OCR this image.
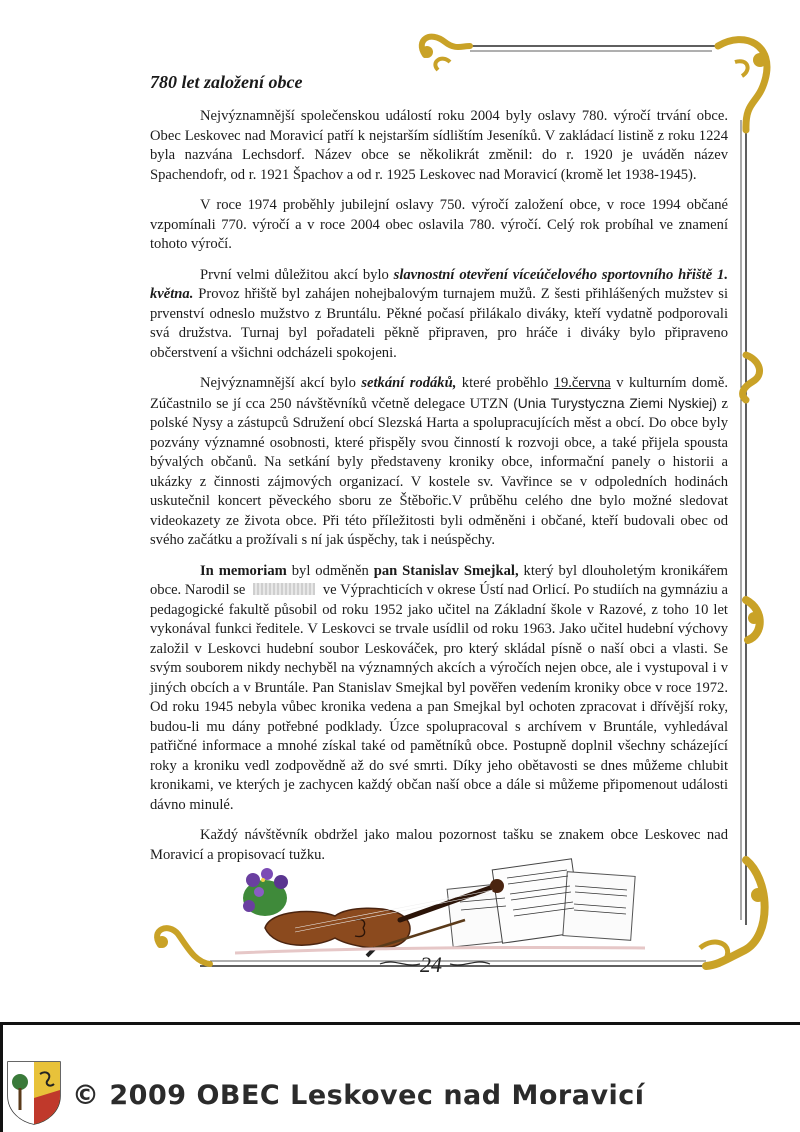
780 let založení obce

Nejvýznamnější společenskou událostí roku 2004 byly oslavy 780. výročí trvání obce. Obec Leskovec nad Moravicí patří k nejstarším sídlištím Jeseníků. V zakládací listině z roku 1224 byla nazvána Lechsdorf. Název obce se několikrát změnil: do r. 1920 je uváděn název Spachendofr, od r. 1921 Špachov a od r. 1925 Leskovec nad Moravicí (kromě let 1938-1945).

V roce 1974 proběhly jubilejní oslavy 750. výročí založení obce, v roce 1994 občané vzpomínali 770. výročí a v roce 2004 obec oslavila 780. výročí. Celý rok probíhal ve znamení tohoto výročí.

První velmi důležitou akcí bylo slavnostní otevření víceúčelového sportovního hřiště 1. května. Provoz hřiště byl zahájen nohejbalovým turnajem mužů. Z šesti přihlášených mužstev si prvenství odneslo mužstvo z Bruntálu. Pěkné počasí přilákalo diváky, kteří vydatně podporovali svá družstva. Turnaj byl pořadateli pěkně připraven, pro hráče i diváky bylo připraveno občerstvení a všichni odcházeli spokojeni.

Nejvýznamnější akcí bylo setkání rodáků, které proběhlo 19.června v kulturním domě. Zúčastnilo se jí cca 250 návštěvníků včetně delegace UTZN (Unia Turystyczna Ziemi Nyskiej) z polské Nysy a zástupců Sdružení obcí Slezská Harta a spolupracujících měst a obcí. Do obce byly pozvány významné osobnosti, které přispěly svou činností k rozvoji obce, a také přijela spousta bývalých občanů. Na setkání byly představeny kroniky obce, informační panely o historii a ukázky z činnosti zájmových organizací. V kostele sv. Vavřince se v odpoledních hodinách uskutečnil koncert pěveckého sboru ze Štěbořic.V průběhu celého dne bylo možné sledovat videokazety ze života obce. Při této příležitosti byli odměněni i občané, kteří budovali obec od svého začátku a prožívali s ní jak úspěchy, tak i neúspěchy.

In memoriam byl odměněn pan Stanislav Smejkal, který byl dlouholetým kronikářem obce. Narodil se	ve Výprachticích v okrese Ústí nad Orlicí. Po studiích na gymnáziu a pedagogické fakultě působil od roku 1952 jako učitel na Základní škole v Razové, z toho 10 let vykonával funkci ředitele. V Leskovci se trvale usídlil od roku 1963. Jako učitel hudební výchovy založil v Leskovci hudební soubor Leskováček, pro který skládal písně o naší obci a vlasti. Se svým souborem nikdy nechyběl na významných akcích a výročích nejen obce, ale i vystupoval i v jiných obcích a v Bruntále. Pan Stanislav Smejkal byl pověřen vedením kroniky obce v roce 1972. Od roku 1945 nebyla vůbec kronika vedena a pan Smejkal byl ochoten zpracovat i dřívější roky, budou-li mu dány potřebné podklady. Úzce spolupracoval s archívem v Bruntále, vyhledával patřičné informace a mnohé získal také od pamětníků obce. Postupně doplnil všechny scházející roky a kroniku vedl zodpovědně až do své smrti. Díky jeho obětavosti se dnes můžeme chlubit kronikami, ve kterých je zachycen každý občan naší obce a dále si můžeme připomenout události dávno minulé.

Každý návštěvník obdržel jako malou pozornost tašku se znakem obce Leskovec nad Moravicí a propisovací tužku.

24
© 2009 OBEC Leskovec nad Moravicí
